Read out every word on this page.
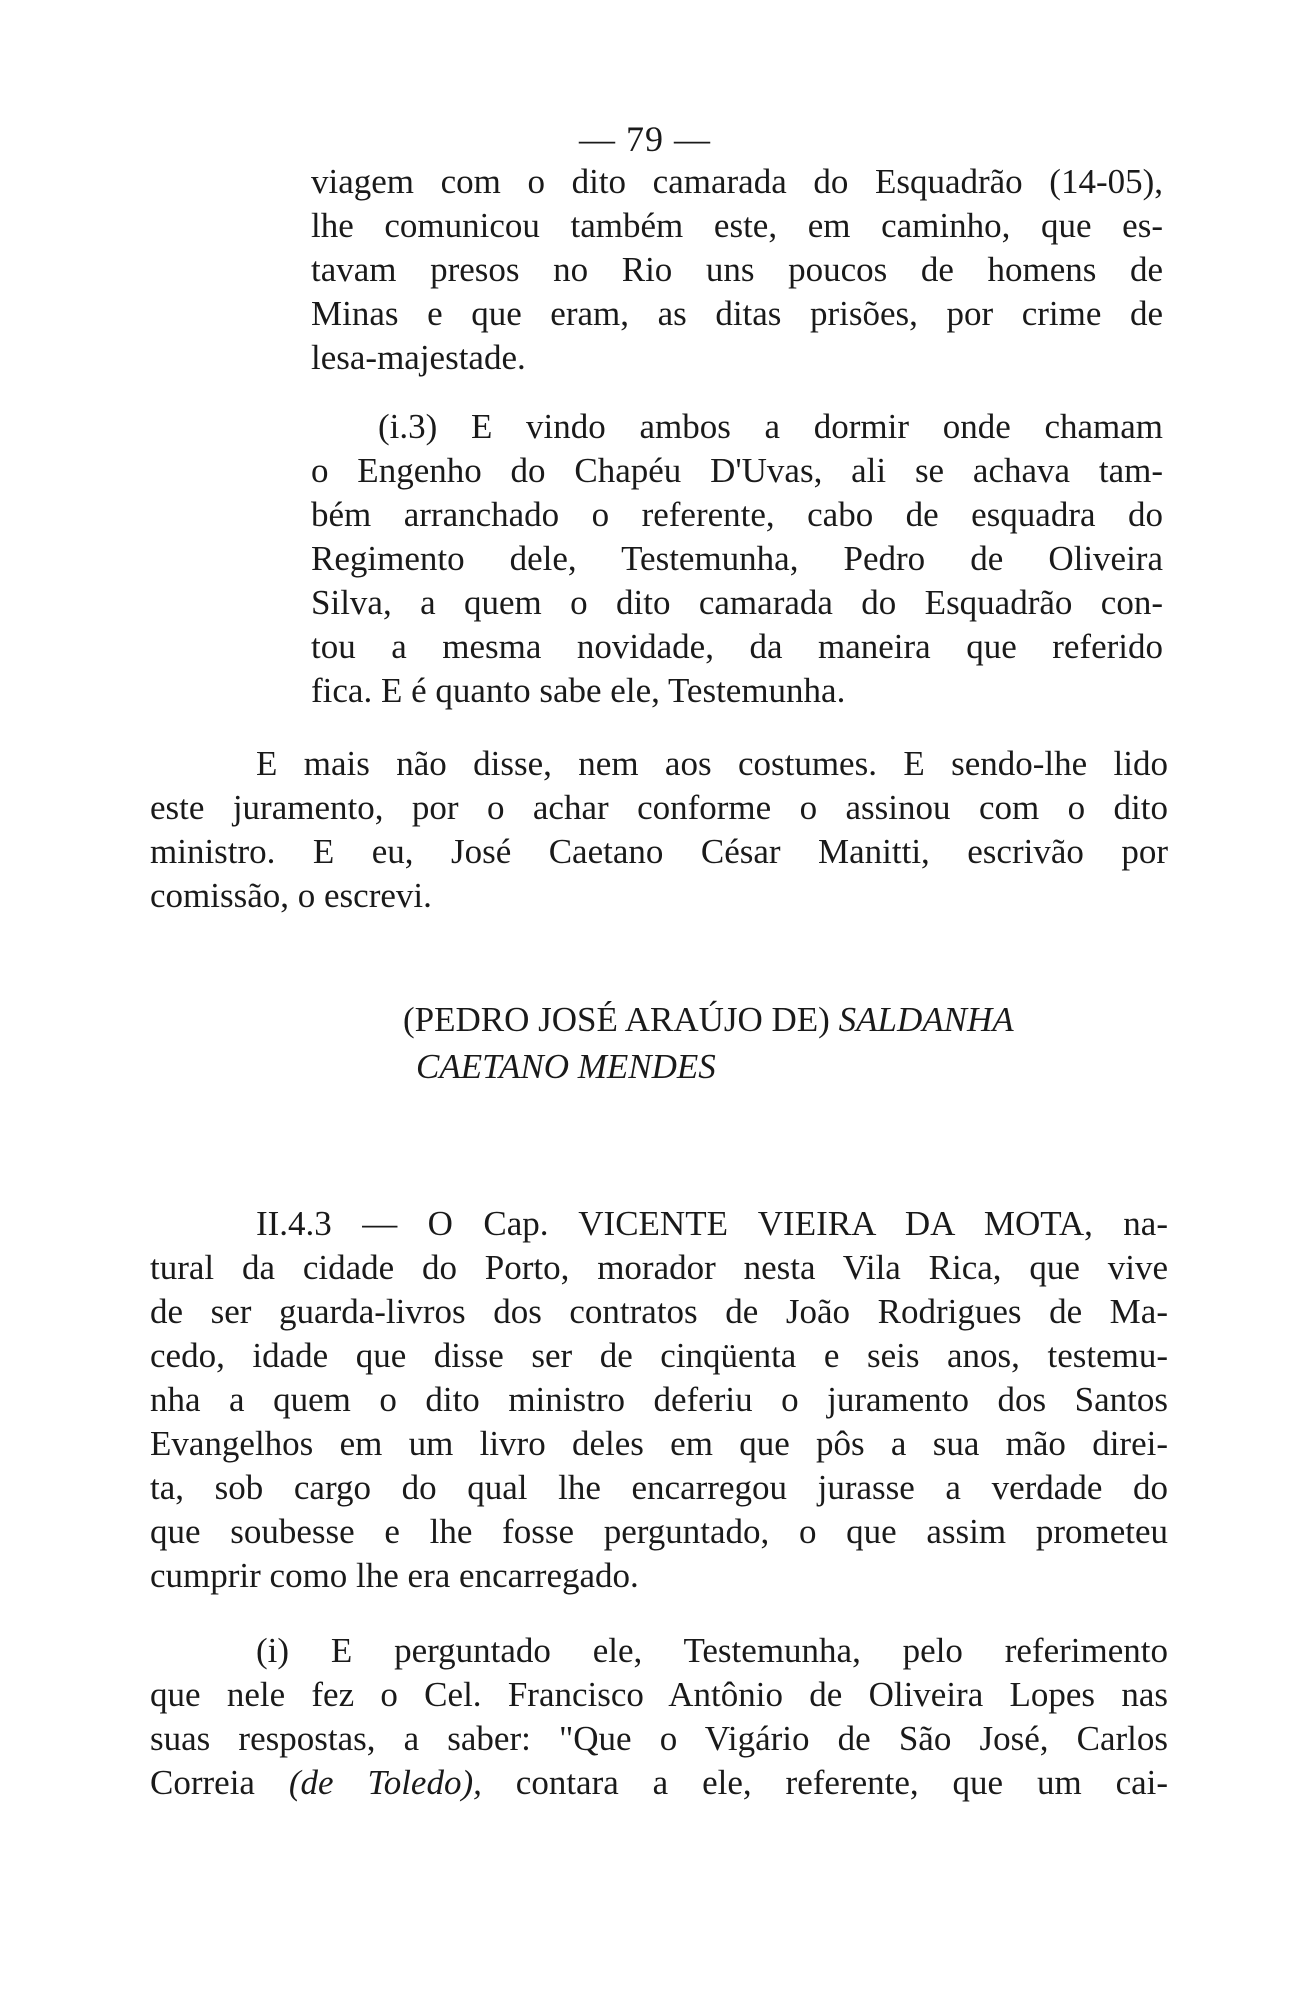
— 79 —
viagem com o dito camarada do Esquadrão (14-05),
lhe comunicou também este, em caminho, que es-
tavam presos no Rio uns poucos de homens de
Minas e que eram, as ditas prisões, por crime de
lesa-majestade.
(i.3) E vindo ambos a dormir onde chamam
o Engenho do Chapéu D'Uvas, ali se achava tam-
bém arranchado o referente, cabo de esquadra do
Regimento dele, Testemunha, Pedro de Oliveira
Silva, a quem o dito camarada do Esquadrão con-
tou a mesma novidade, da maneira que referido
fica. E é quanto sabe ele, Testemunha.
E mais não disse, nem aos costumes. E sendo-lhe lido
este juramento, por o achar conforme o assinou com o dito
ministro. E eu, José Caetano César Manitti, escrivão por
comissão, o escrevi.
(PEDRO JOSÉ ARAÚJO DE) SALDANHA
CAETANO MENDES
II.4.3 — O Cap. VICENTE VIEIRA DA MOTA, na-
tural da cidade do Porto, morador nesta Vila Rica, que vive
de ser guarda-livros dos contratos de João Rodrigues de Ma-
cedo, idade que disse ser de cinqüenta e seis anos, testemu-
nha a quem o dito ministro deferiu o juramento dos Santos
Evangelhos em um livro deles em que pôs a sua mão direi-
ta, sob cargo do qual lhe encarregou jurasse a verdade do
que soubesse e lhe fosse perguntado, o que assim prometeu
cumprir como lhe era encarregado.
(i) E perguntado ele, Testemunha, pelo referimento
que nele fez o Cel. Francisco Antônio de Oliveira Lopes nas
suas respostas, a saber: "Que o Vigário de São José, Carlos
Correia (de Toledo), contara a ele, referente, que um cai-
